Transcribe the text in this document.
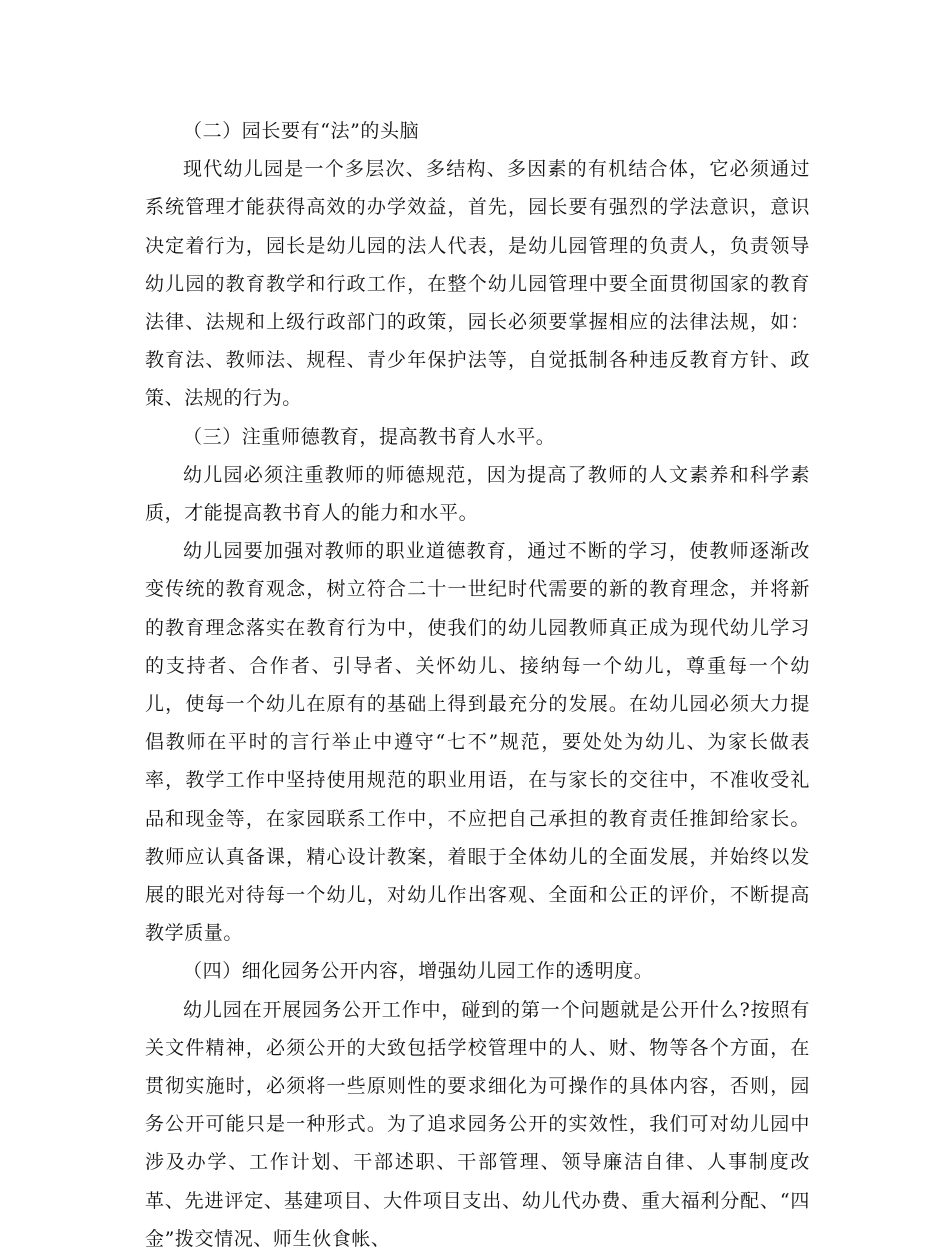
（二）园长要有“法”的头脑

现代幼儿园是一个多层次、多结构、多因素的有机结合体，它必须通过系统管理才能获得高效的办学效益，首先，园长要有强烈的学法意识，意识决定着行为，园长是幼儿园的法人代表，是幼儿园管理的负责人，负责领导幼儿园的教育教学和行政工作，在整个幼儿园管理中要全面贯彻国家的教育法律、法规和上级行政部门的政策，园长必须要掌握相应的法律法规，如：教育法、教师法、规程、青少年保护法等，自觉抵制各种违反教育方针、政策、法规的行为。

（三）注重师德教育，提高教书育人水平。

幼儿园必须注重教师的师德规范，因为提高了教师的人文素养和科学素质，才能提高教书育人的能力和水平。

幼儿园要加强对教师的职业道德教育，通过不断的学习，使教师逐渐改变传统的教育观念，树立符合二十一世纪时代需要的新的教育理念，并将新的教育理念落实在教育行为中，使我们的幼儿园教师真正成为现代幼儿学习的支持者、合作者、引导者、关怀幼儿、接纳每一个幼儿，尊重每一个幼儿，使每一个幼儿在原有的基础上得到最充分的发展。在幼儿园必须大力提倡教师在平时的言行举止中遵守“七不”规范，要处处为幼儿、为家长做表率，教学工作中坚持使用规范的职业用语，在与家长的交往中，不准收受礼品和现金等，在家园联系工作中，不应把自己承担的教育责任推卸给家长。教师应认真备课，精心设计教案，着眼于全体幼儿的全面发展，并始终以发展的眼光对待每一个幼儿，对幼儿作出客观、全面和公正的评价，不断提高教学质量。

（四）细化园务公开内容，增强幼儿园工作的透明度。

幼儿园在开展园务公开工作中，碰到的第一个问题就是公开什么?按照有关文件精神，必须公开的大致包括学校管理中的人、财、物等各个方面，在贯彻实施时，必须将一些原则性的要求细化为可操作的具体内容，否则，园务公开可能只是一种形式。为了追求园务公开的实效性，我们可对幼儿园中涉及办学、工作计划、干部述职、干部管理、领导廉洁自律、人事制度改革、先进评定、基建项目、大件项目支出、幼儿代办费、重大福利分配、“四金”拨交情况、师生伙食帐、
